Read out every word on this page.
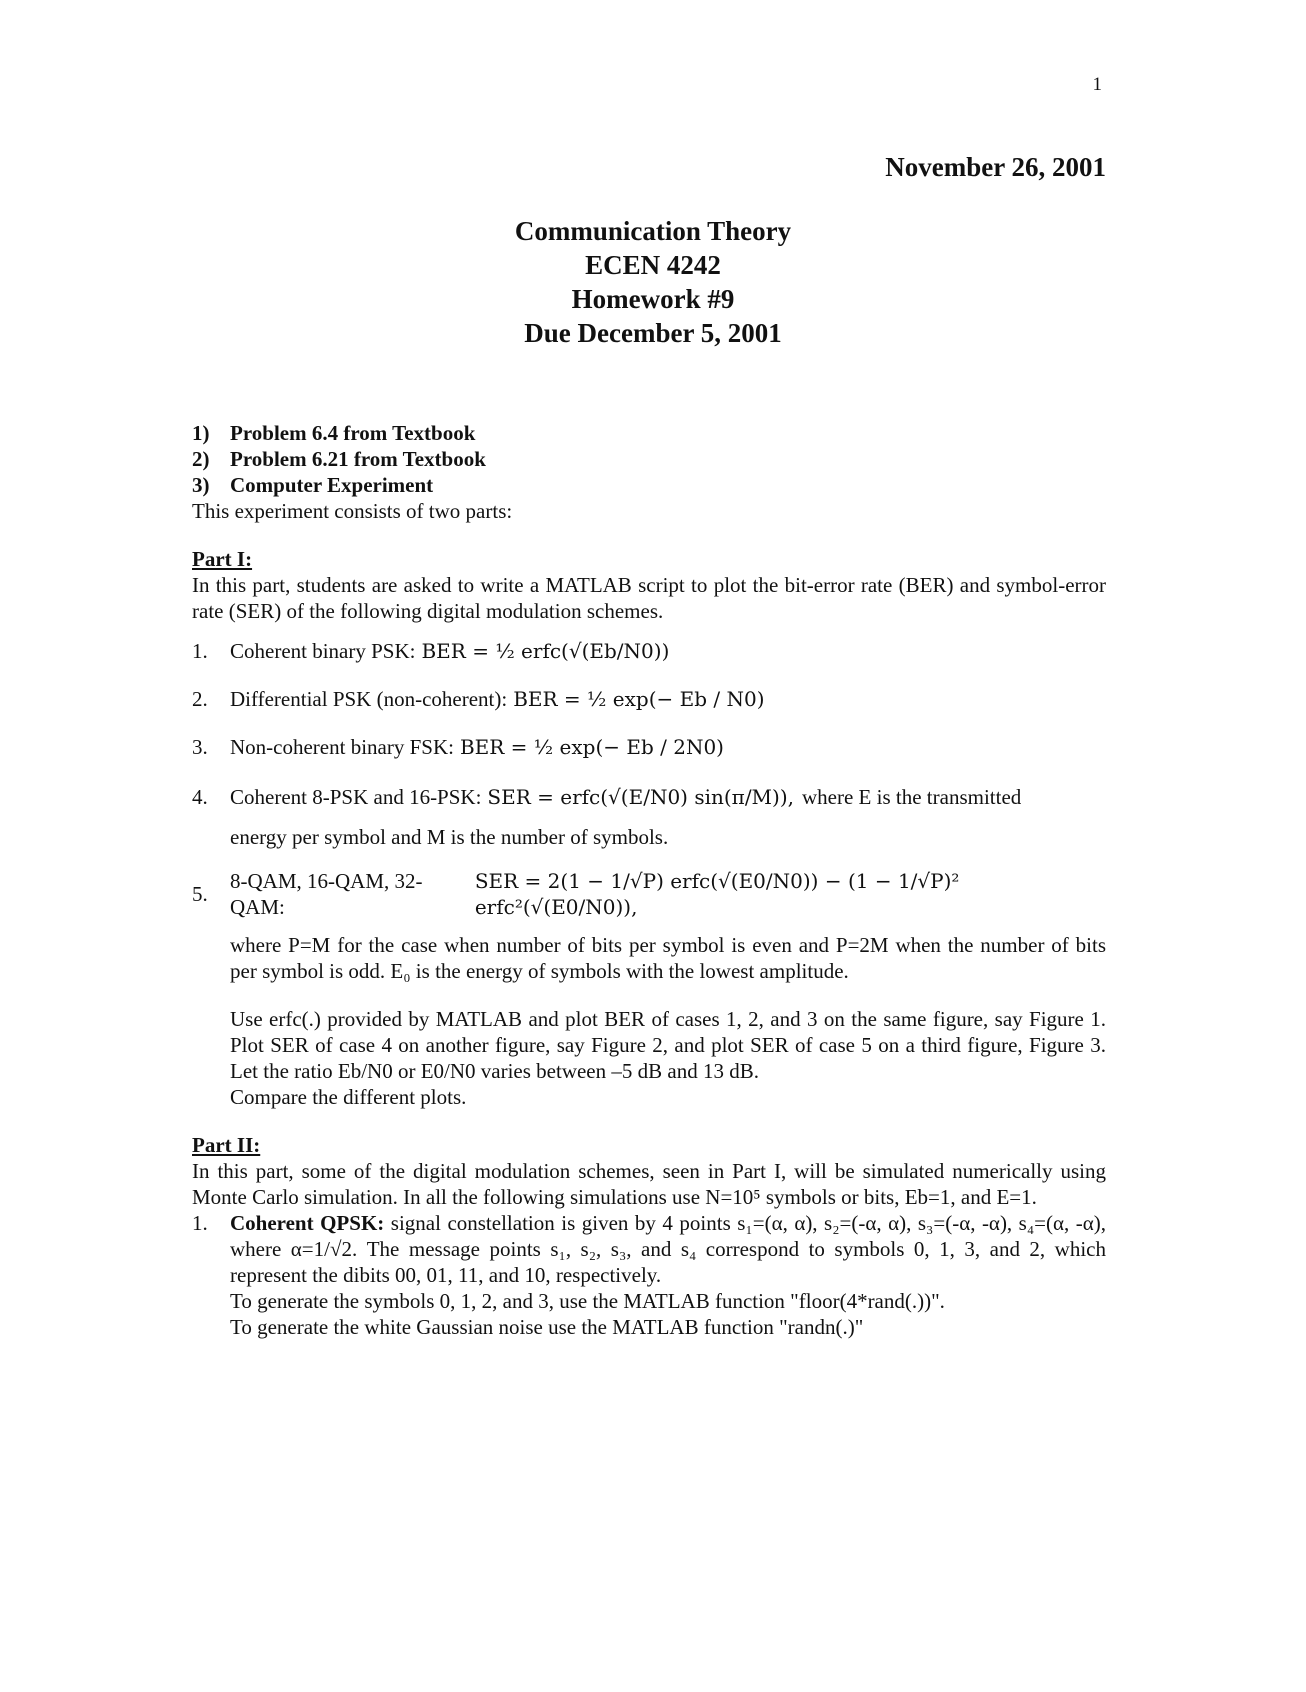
1
November 26, 2001
Communication Theory
ECEN 4242
Homework #9
Due December 5, 2001
1) Problem 6.4 from Textbook
2) Problem 6.21 from Textbook
3) Computer Experiment

This experiment consists of two parts:

Part I:

In this part, students are asked to write a MATLAB script to plot the bit-error rate (BER) and symbol-error rate (SER) of the following digital modulation schemes.

1.	Coherent binary PSK: BER = ½ erfc(√(Eb/N0))
2.	Differential PSK (non-coherent): BER = ½ exp(− Eb / N0)
3.	Non-coherent binary FSK: BER = ½ exp(− Eb / 2N0)
4.	Coherent 8-PSK and 16-PSK: SER = erfc(√(E/N0) sin(π/M)), where E is the transmitted
energy per symbol and M is the number of symbols.
5.
8-QAM, 16-QAM, 32-QAM:
SER = 2(1 − 1/√P) erfc(√(E0/N0)) − (1 − 1/√P)² erfc²(√(E0/N0)),
where P=M for the case when number of bits per symbol is even and P=2M when the number of bits per symbol is odd. E₀ is the energy of symbols with the lowest amplitude.
Use erfc(.) provided by MATLAB and plot BER of cases 1, 2, and 3 on the same figure, say Figure 1. Plot SER of case 4 on another figure, say Figure 2, and plot SER of case 5 on a third figure, Figure 3. Let the ratio Eb/N0 or E0/N0 varies between –5 dB and 13 dB.
Compare the different plots.
Part II:

In this part, some of the digital modulation schemes, seen in Part I, will be simulated numerically using Monte Carlo simulation. In all the following simulations use N=10⁵ symbols or bits, Eb=1, and E=1.

1.	Coherent QPSK: signal constellation is given by 4 points s₁=(α, α), s₂=(-α, α), s₃=(-α, -α), s₄=(α, -α), where α=1/√2. The message points s₁, s₂, s₃, and s₄ correspond to symbols 0, 1, 3, and 2, which represent the dibits 00, 01, 11, and 10, respectively.
To generate the symbols 0, 1, 2, and 3, use the MATLAB function "floor(4*rand(.))".
To generate the white Gaussian noise use the MATLAB function "randn(.)"
